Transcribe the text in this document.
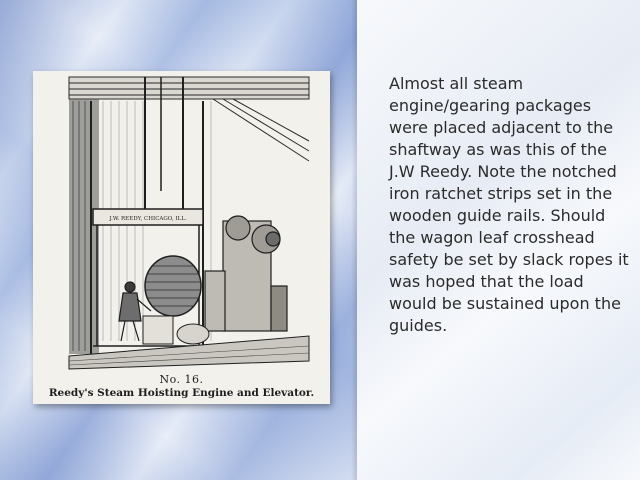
J.W. REEDY, CHICAGO, ILL.
No. 16.
Reedy's Steam Hoisting Engine and Elevator.

Almost all steam engine/gearing packages were placed adjacent to the shaftway as was this of the J.W Reedy. Note the notched iron ratchet strips set in the wooden guide rails. Should the wagon leaf crosshead safety be set by slack ropes it was hoped that the load would be sustained upon the guides.
